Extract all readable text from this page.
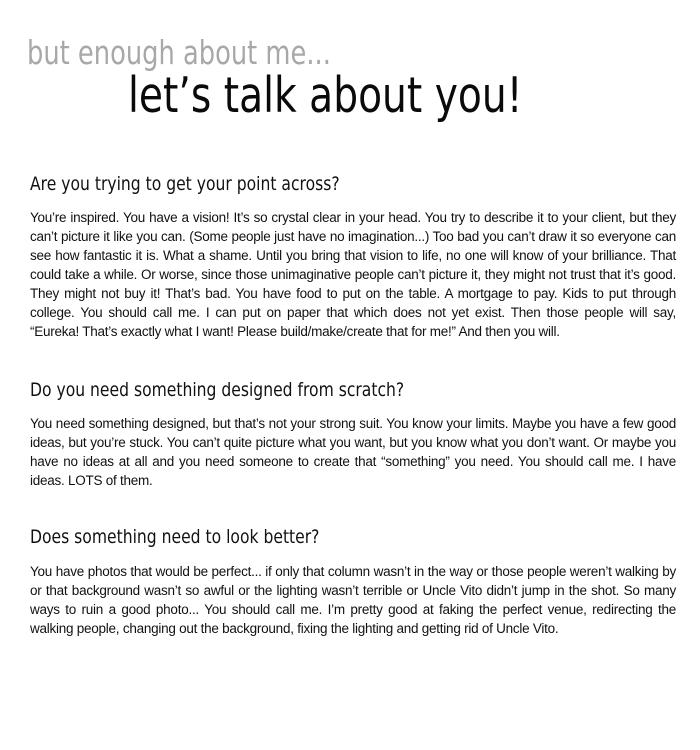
but enough about me...
let’s talk about you!
Are you trying to get your point across?

You’re inspired. You have a vision! It’s so crystal clear in your head. You try to describe it to your client, but they can’t picture it like you can. (Some people just have no imagination...) Too bad you can’t draw it so everyone can see how fantastic it is. What a shame. Until you bring that vision to life, no one will know of your brilliance. That could take a while. Or worse, since those unimaginative people can’t picture it, they might not trust that it’s good. They might not buy it! That’s bad. You have food to put on the table. A mortgage to pay. Kids to put through college. You should call me. I can put on paper that which does not yet exist. Then those people will say, “Eureka! That’s exactly what I want! Please build/make/create that for me!” And then you will.

Do you need something designed from scratch?

You need something designed, but that’s not your strong suit. You know your limits. Maybe you have a few good ideas, but you’re stuck. You can’t quite picture what you want, but you know what you don’t want. Or maybe you have no ideas at all and you need someone to create that “something” you need. You should call me. I have ideas. LOTS of them.

Does something need to look better?

You have photos that would be perfect... if only that column wasn’t in the way or those people weren’t walking by or that background wasn’t so awful or the lighting wasn’t terrible or Uncle Vito didn’t jump in the shot. So many ways to ruin a good photo... You should call me. I’m pretty good at faking the perfect venue, redirecting the walking people, changing out the background, fixing the lighting and getting rid of Uncle Vito.
